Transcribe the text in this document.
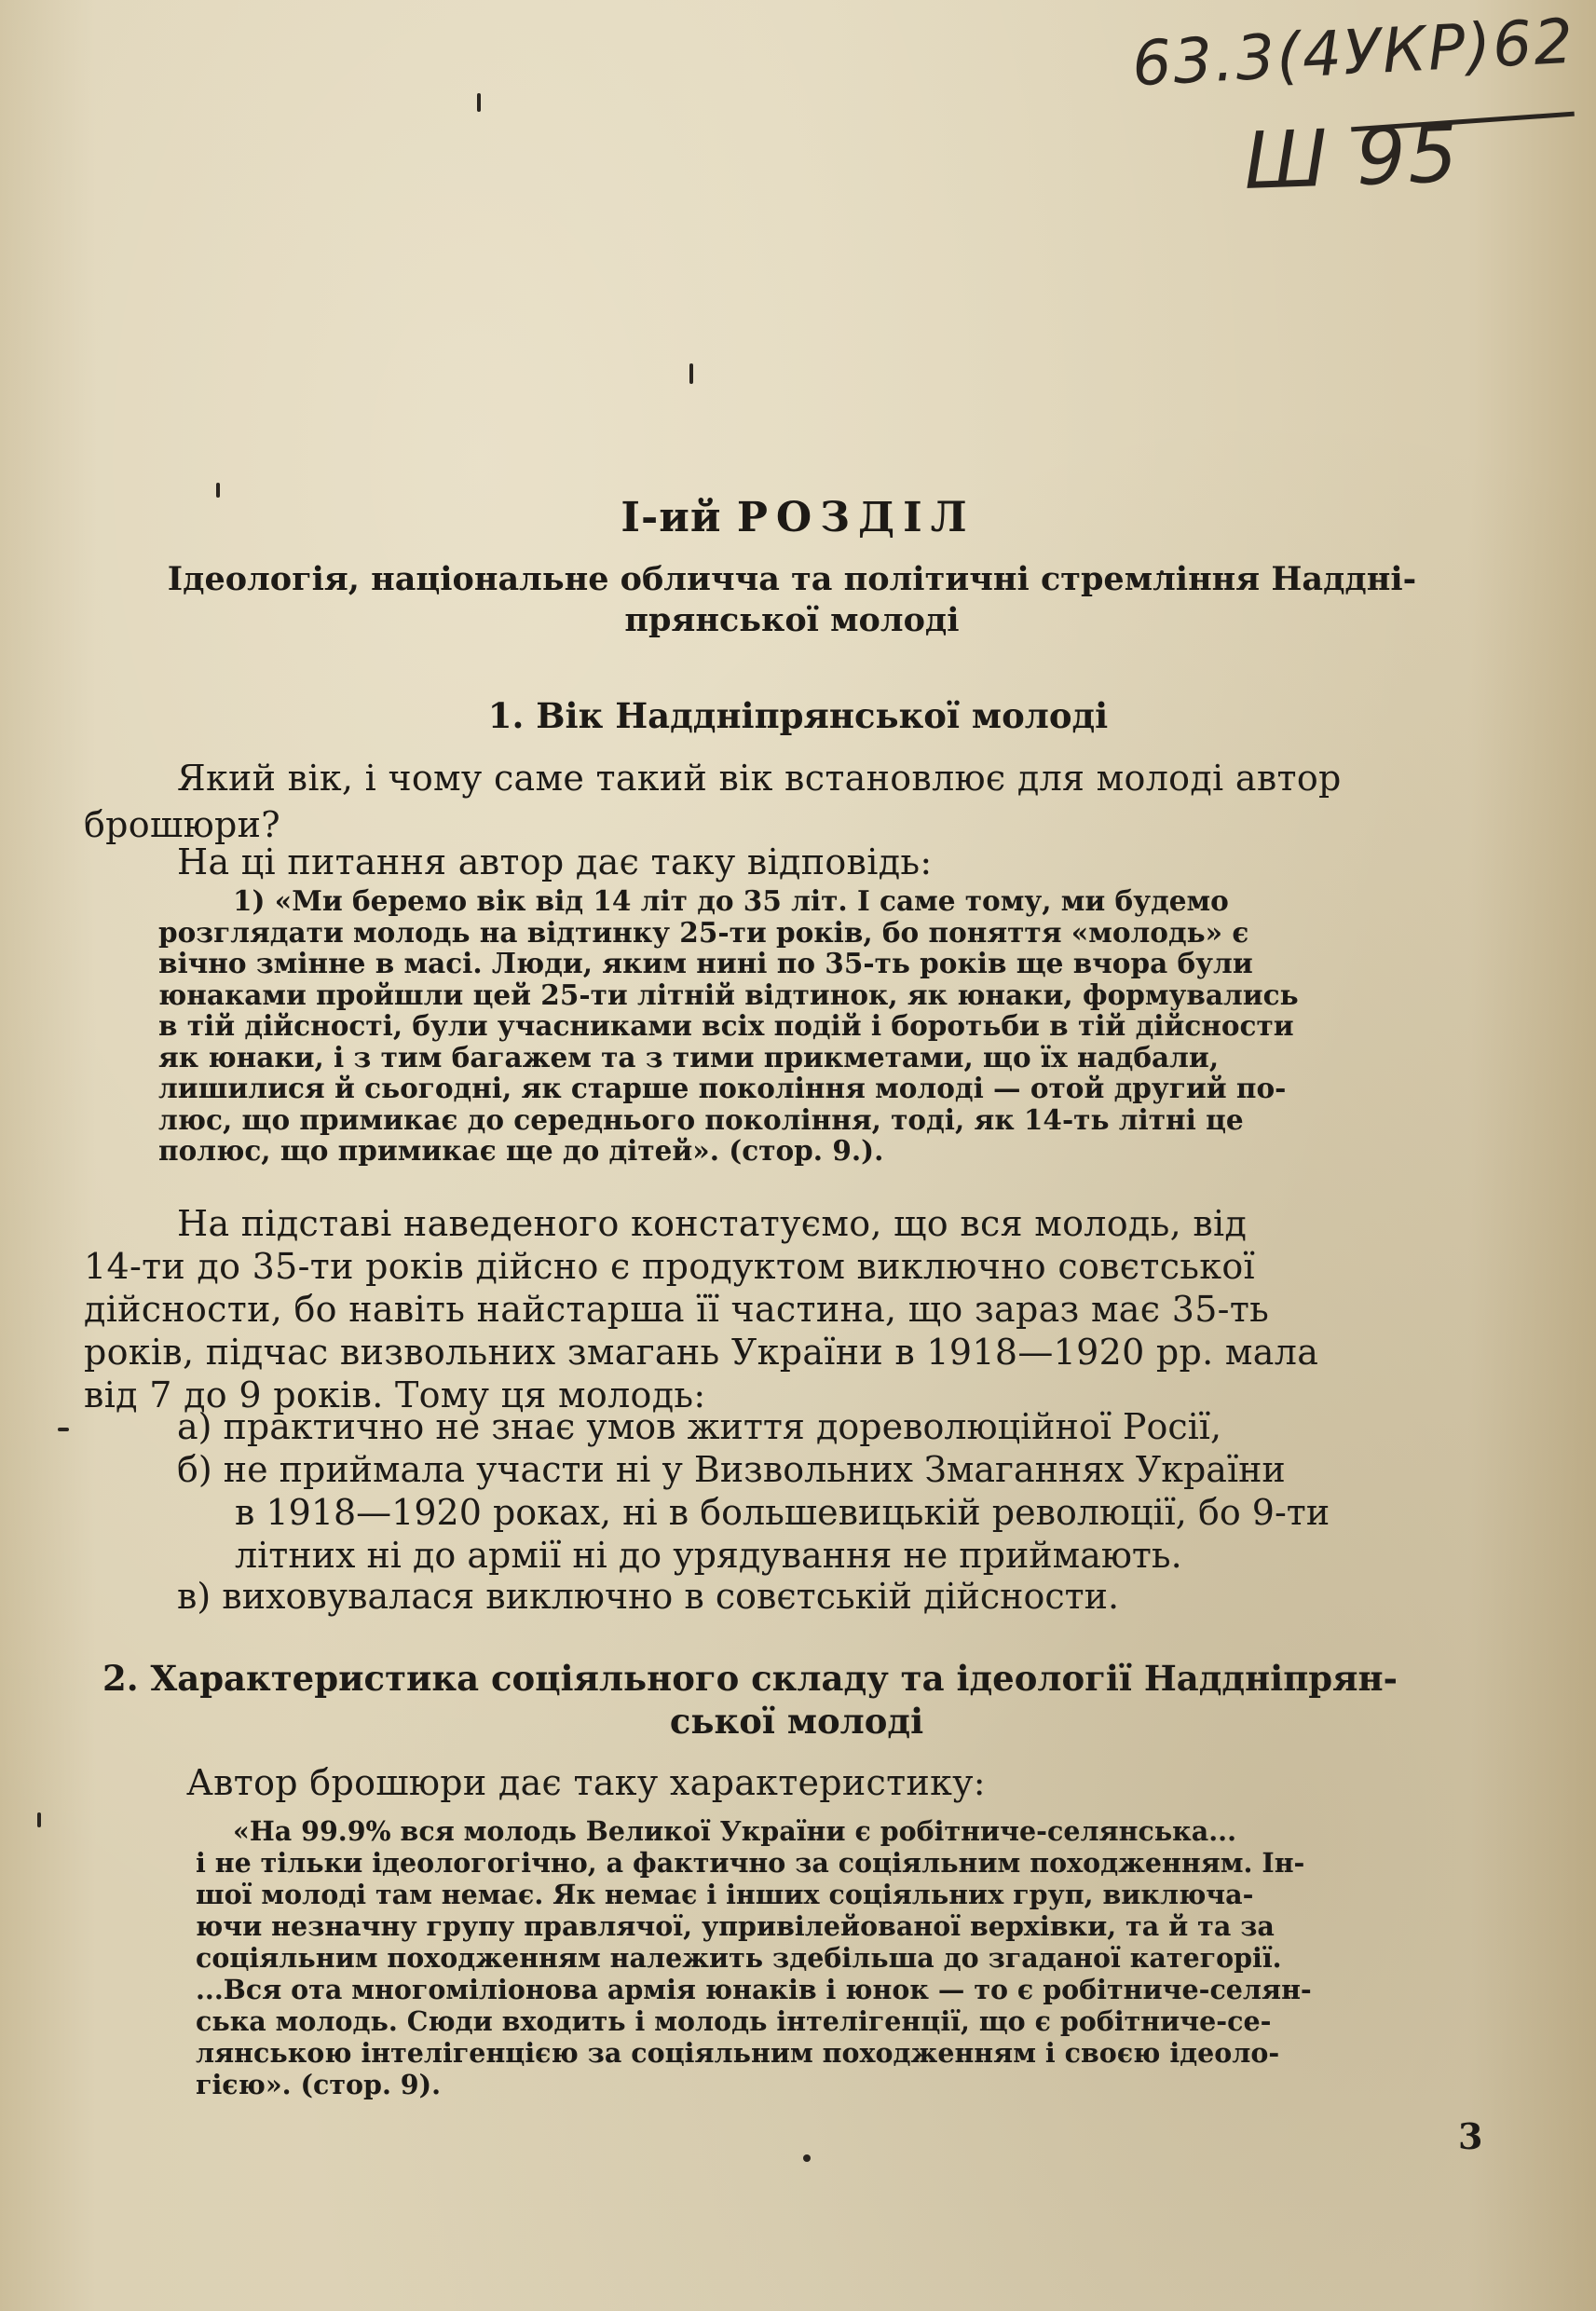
63.3(4УКР)62
Ш 95
І-ий РОЗДІЛ
Ідеологія, національне обличча та політичні стремління Наддні-
прянської молоді
1. Вік Наддніпрянської молоді
Який вік, і чому саме такий вік встановлює для молоді автор
брошюри?
На ці питання автор дає таку відповідь:
1) «Ми беремо вік від 14 літ до 35 літ. І саме тому, ми будемо
розглядати молодь на відтинку 25-ти років, бо поняття «молодь» є
вічно змінне в масі. Люди, яким нині по 35-ть років ще вчора були
юнаками пройшли цей 25-ти літній відтинок, як юнаки, формувались
в тій дійсності, були учасниками всіх подій і боротьби в тій дійсности
як юнаки, і з тим багажем та з тими прикметами, що їх надбали,
лишилися й сьогодні, як старше покоління молоді — отой другий по-
люс, що примикає до середнього покоління, тоді, як 14-ть літні це
полюс, що примикає ще до дітей». (стор. 9.).
На підставі наведеного констатуємо, що вся молодь, від
14-ти до 35-ти років дійсно є продуктом виключно совєтської
дійсности, бо навіть найстарша її частина, що зараз має 35-ть
років, підчас визвольних змагань України в 1918—1920 рр. мала
від 7 до 9 років. Тому ця молодь:
а) практично не знає умов життя дореволюційної Росії,
б) не приймала участи ні у Визвольних Змаганнях України
в 1918—1920 роках, ні в большевицькій революції, бо 9-ти
літних ні до армії ні до урядування не приймають.
в) виховувалася виключно в совєтській дійсности.
2. Характеристика соціяльного складу та ідеології Наддніпрян-
ської молоді
Автор брошюри дає таку характеристику:
«На 99.9% вся молодь Великої України є робітниче-селянська...
і не тільки ідеологогічно, а фактично за соціяльним походженням. Ін-
шої молоді там немає. Як немає і інших соціяльних груп, виключа-
ючи незначну групу правлячої, упривілейованої верхівки, та й та за
соціяльним походженням належить здебільша до згаданої категорії.
...Вся ота многоміліонова армія юнаків і юнок — то є робітниче-селян-
ська молодь. Сюди входить і молодь інтелігенції, що є робітниче-се-
лянською інтелігенцією за соціяльним походженням і своєю ідеоло-
гією». (стор. 9).
3
